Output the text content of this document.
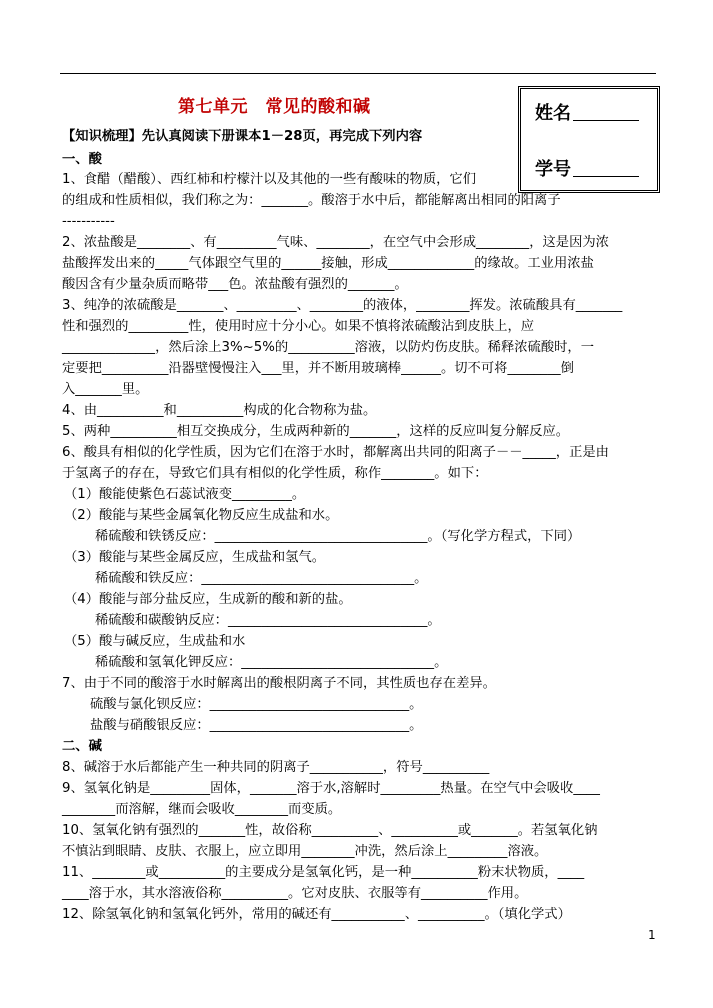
第七单元　常见的酸和碱	姓名
学号
【知识梳理】先认真阅读下册课本1－28页，再完成下列内容
一、酸
1、食醋（醋酸）、西红柿和柠檬汁以及其他的一些有酸味的物质，它们
的组成和性质相似，我们称之为：_______。酸溶于水中后，都能解离出相同的阳离子
-----------
2、浓盐酸是________、有_________气味、________，在空气中会形成________，这是因为浓
盐酸挥发出来的_____气体跟空气里的______接触，形成_____________的缘故。工业用浓盐
酸因含有少量杂质而略带___色。浓盐酸有强烈的_______。
3、纯净的浓硫酸是_______、_________、________的液体，________挥发。浓硫酸具有_______
性和强烈的_________性，使用时应十分小心。如果不慎将浓硫酸沾到皮肤上，应
______________，然后涂上3%~5%的__________溶液，以防灼伤皮肤。稀释浓硫酸时，一
定要把__________沿器壁慢慢注入___里，并不断用玻璃棒______。切不可将________倒
入_______里。
4、由__________和__________构成的化合物称为盐。
5、两种__________相互交换成分，生成两种新的_______，这样的反应叫复分解反应。
6、酸具有相似的化学性质，因为它们在溶于水时，都解离出共同的阳离子－－_____，正是由
于氢离子的存在，导致它们具有相似的化学性质，称作________。如下：
（1）酸能使紫色石蕊试液变_________。
（2）酸能与某些金属氧化物反应生成盐和水。
稀硫酸和铁锈反应：________________________________。（写化学方程式，下同）
（3）酸能与某些金属反应，生成盐和氢气。
稀硫酸和铁反应：________________________________。
（4）酸能与部分盐反应，生成新的酸和新的盐。
稀硫酸和碳酸钠反应：______________________________。
（5）酸与碱反应，生成盐和水
稀硫酸和氢氧化钾反应：_____________________________。
7、由于不同的酸溶于水时解离出的酸根阴离子不同，其性质也存在差异。
硫酸与氯化钡反应：______________________________。
盐酸与硝酸银反应：______________________________。
二、碱
8、碱溶于水后都能产生一种共同的阴离子___________，符号__________
9、氢氧化钠是_________固体，_______溶于水,溶解时_________热量。在空气中会吸收____
________而溶解，继而会吸收________而变质。
10、氢氧化钠有强烈的_______性，故俗称__________、__________或_______。若氢氧化钠
不慎沾到眼睛、皮肤、衣服上，应立即用________冲洗，然后涂上_________溶液。
11、________或__________的主要成分是氢氧化钙，是一种__________粉末状物质，____
____溶于水，其水溶液俗称__________。它对皮肤、衣服等有__________作用。
12、除氢氧化钠和氢氧化钙外，常用的碱还有___________、__________。（填化学式）
1
